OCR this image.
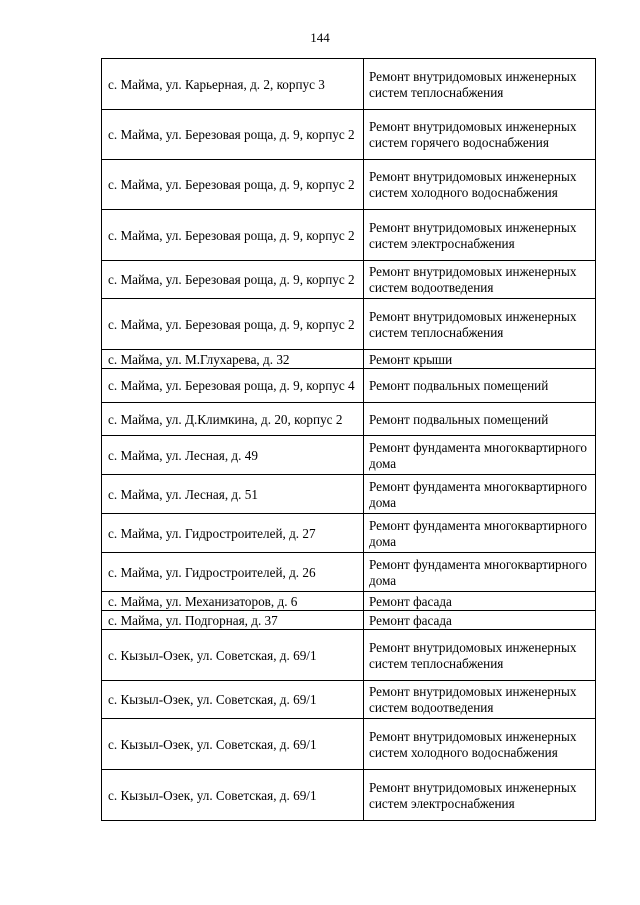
144
с. Майма, ул. Карьерная, д. 2, корпус 3	Ремонт внутридомовых инженерных систем теплоснабжения
с. Майма, ул. Березовая роща, д. 9, корпус 2	Ремонт внутридомовых инженерных систем горячего водоснабжения
с. Майма, ул. Березовая роща, д. 9, корпус 2	Ремонт внутридомовых инженерных систем холодного водоснабжения
с. Майма, ул. Березовая роща, д. 9, корпус 2	Ремонт внутридомовых инженерных систем электроснабжения
с. Майма, ул. Березовая роща, д. 9, корпус 2	Ремонт внутридомовых инженерных систем водоотведения
с. Майма, ул. Березовая роща, д. 9, корпус 2	Ремонт внутридомовых инженерных систем теплоснабжения
с. Майма, ул. М.Глухарева, д. 32	Ремонт крыши
с. Майма, ул. Березовая роща, д. 9, корпус 4	Ремонт подвальных помещений
с. Майма, ул. Д.Климкина, д. 20, корпус 2	Ремонт подвальных помещений
с. Майма, ул. Лесная, д. 49	Ремонт фундамента многоквартирного дома
с. Майма, ул. Лесная, д. 51	Ремонт фундамента многоквартирного дома
с. Майма, ул. Гидростроителей, д. 27	Ремонт фундамента многоквартирного дома
с. Майма, ул. Гидростроителей, д. 26	Ремонт фундамента многоквартирного дома
с. Майма, ул. Механизаторов, д. 6	Ремонт фасада
с. Майма, ул. Подгорная, д. 37	Ремонт фасада
с. Кызыл-Озек, ул. Советская, д. 69/1	Ремонт внутридомовых инженерных систем теплоснабжения
с. Кызыл-Озек, ул. Советская, д. 69/1	Ремонт внутридомовых инженерных систем водоотведения
с. Кызыл-Озек, ул. Советская, д. 69/1	Ремонт внутридомовых инженерных систем холодного водоснабжения
с. Кызыл-Озек, ул. Советская, д. 69/1	Ремонт внутридомовых инженерных систем электроснабжения
